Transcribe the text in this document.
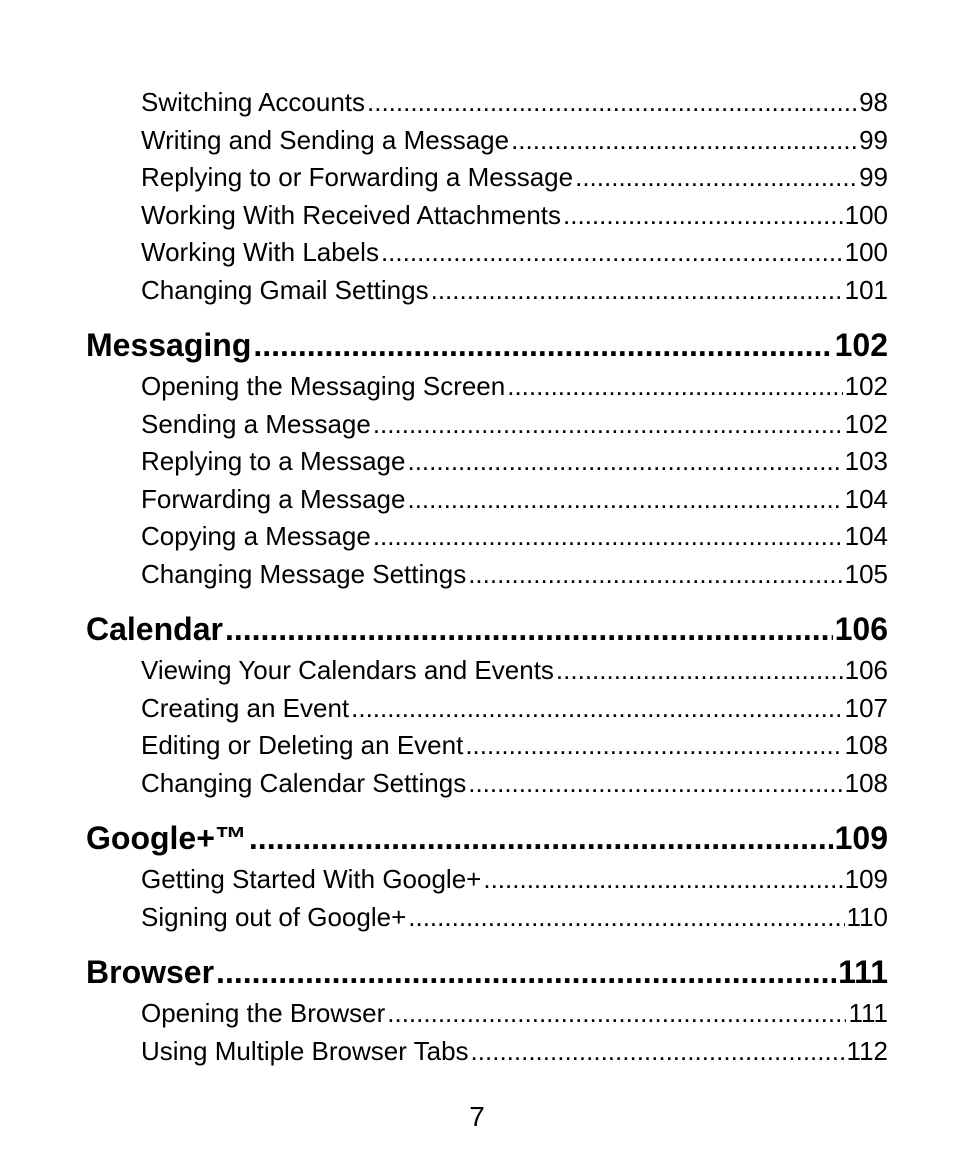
Switching Accounts .....	98
Writing and Sending a Message .....	99
Replying to or Forwarding a Message .....	99
Working With Received Attachments .....	100
Working With Labels .....	100
Changing Gmail Settings .....	101
Messaging .....	102
Opening the Messaging Screen .....	102
Sending a Message .....	102
Replying to a Message .....	103
Forwarding a Message .....	104
Copying a Message .....	104
Changing Message Settings .....	105
Calendar .....	106
Viewing Your Calendars and Events .....	106
Creating an Event .....	107
Editing or Deleting an Event .....	108
Changing Calendar Settings .....	108
Google+™ .....	109
Getting Started With Google+ .....	109
Signing out of Google+ .....	110
Browser .....	111
Opening the Browser .....	111
Using Multiple Browser Tabs .....	112
7
